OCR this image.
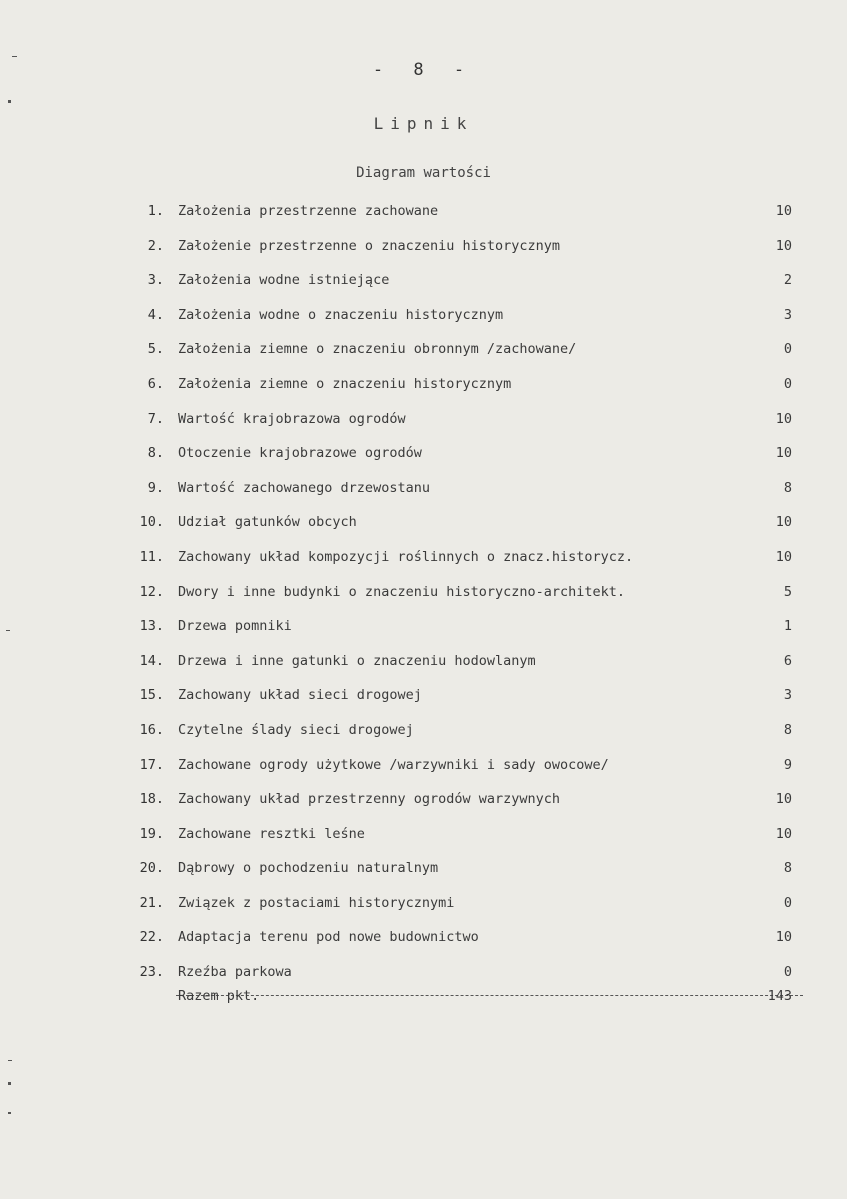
- 8 -
Lipnik
Diagram wartości
1. Założenia przestrzenne zachowane	10
2. Założenie przestrzenne o znaczeniu historycznym	10
3. Założenia wodne istniejące	2
4. Założenia wodne o znaczeniu historycznym	3
5. Założenia ziemne o znaczeniu obronnym /zachowane/	0
6. Założenia ziemne o znaczeniu historycznym	0
7. Wartość krajobrazowa ogrodów	10
8. Otoczenie krajobrazowe ogrodów	10
9. Wartość zachowanego drzewostanu	8
10. Udział gatunków obcych	10
11. Zachowany układ kompozycji roślinnych o znacz.historycz.	10
12. Dwory i inne budynki o znaczeniu historyczno-architekt.	5
13. Drzewa pomniki	1
14. Drzewa i inne gatunki o znaczeniu hodowlanym	6
15. Zachowany układ sieci drogowej	3
16. Czytelne ślady sieci drogowej	8
17. Zachowane ogrody użytkowe /warzywniki i sady owocowe/	9
18. Zachowany układ przestrzenny ogrodów warzywnych	10
19. Zachowane resztki leśne	10
20. Dąbrowy o pochodzeniu naturalnym	8
21. Związek z postaciami historycznymi	0
22. Adaptacja terenu pod nowe budownictwo	10
23. Rzeźba parkowa	0
Razem pkt.	143
